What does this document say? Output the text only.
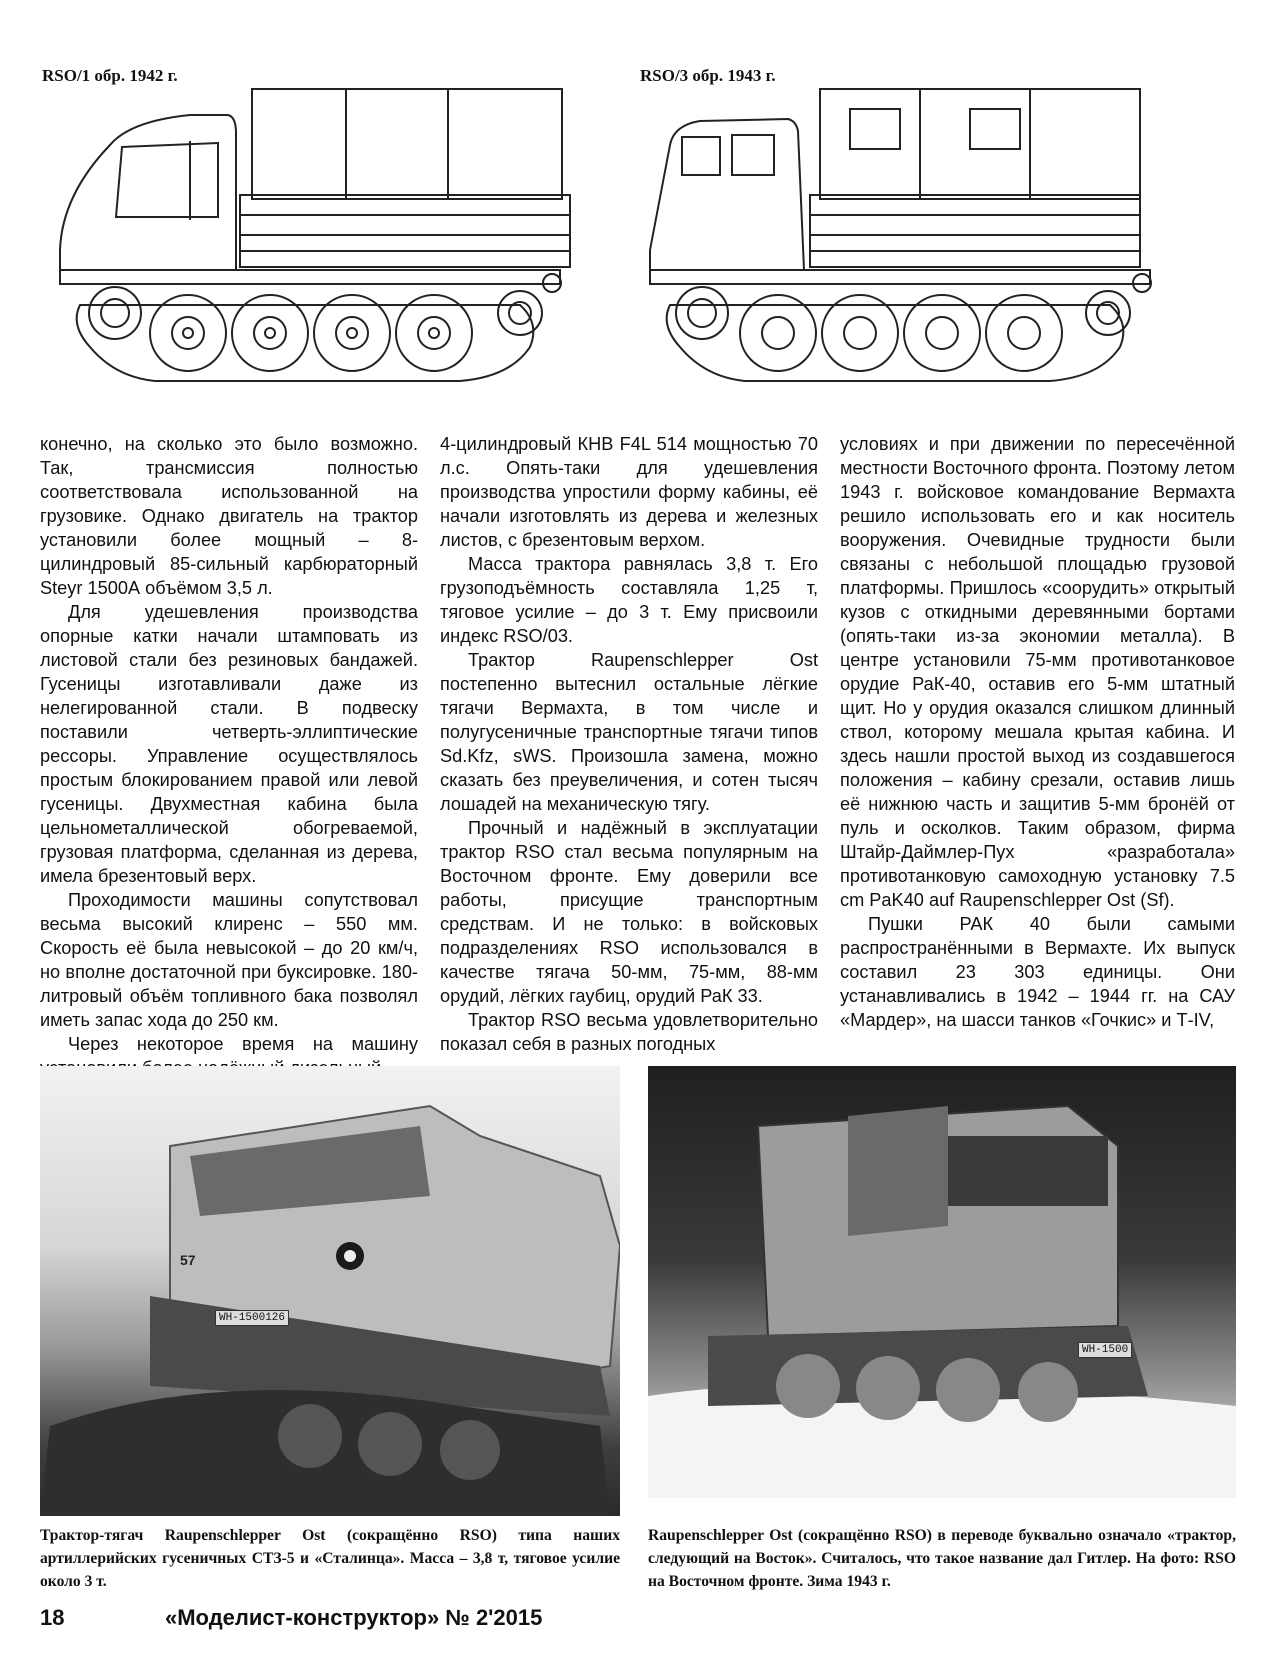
RSO/1 обр. 1942 г.	RSO/3 обр. 1943 г.

конечно, на сколько это было возможно. Так, трансмиссия полностью соответствовала использованной на грузовике. Однако двигатель на трактор установили более мощный – 8-цилиндровый 85-сильный карбюраторный Steyr 1500А объёмом 3,5 л.

Для удешевления производства опорные катки начали штамповать из листовой стали без резиновых бандажей. Гусеницы изготавливали даже из нелегированной стали. В подвеску поставили четверть-эллиптические рессоры. Управление осуществлялось простым блокированием правой или левой гусеницы. Двухместная кабина была цельнометаллической обогреваемой, грузовая платформа, сделанная из дерева, имела брезентовый верх.

Проходимости машины сопутствовал весьма высокий клиренс – 550 мм. Скорость её была невысокой – до 20 км/ч, но вполне достаточной при буксировке. 180-литровый объём топливного бака позволял иметь запас хода до 250 км.

Через некоторое время на машину

4-цилиндровый КНВ F4L 514 мощностью 70 л.с. Опять-таки для удешевления производства упростили форму кабины, её начали изготовлять из дерева и железных листов, с брезентовым верхом.

Масса трактора равнялась 3,8 т. Его грузоподъёмность составляла 1,25 т, тяговое усилие – до 3 т. Ему присвоили индекс RSO/03.

Трактор Raupenschlepper Ost постепенно вытеснил остальные лёгкие тягачи Вермахта, в том числе и полугусеничные транспортные тягачи типов Sd.Kfz, sWS. Произошла замена, можно сказать без преувеличения, и сотен тысяч лошадей на механическую тягу.

Прочный и надёжный в эксплуатации трактор RSO стал весьма популярным на Восточном фронте. Ему доверили все работы, присущие транспортным средствам. И не только: в войсковых подразделениях RSO использовался в качестве тягача 50-мм, 75-мм, 88-мм орудий, лёгких гаубиц, орудий РаК 33.

Трактор RSO весьма удовлетворительно показал себя в разных погодных

условиях и при движении по пересечённой местности Восточного фронта. Поэтому летом 1943 г. войсковое командование Вермахта решило использовать его и как носитель вооружения. Очевидные трудности были связаны с небольшой площадью грузовой платформы. Пришлось «соорудить» открытый кузов с откидными деревянными бортами (опять-таки из-за экономии металла). В центре установили 75-мм противотанковое орудие РаК-40, оставив его 5-мм штатный щит. Но у орудия оказался слишком длинный ствол, которому мешала крытая кабина. И здесь нашли простой выход из создавшегося положения – кабину срезали, оставив лишь её нижнюю часть и защитив 5-мм бронёй от пуль и осколков. Таким образом, фирма Штайр-Даймлер-Пух «разработала» противотанковую самоходную установку 7.5 cm PaK40 auf Raupenschlepper Ost (Sf).

Пушки РАК 40 были самыми распространёнными в Вермахте. Их выпуск составил 23 303 единицы. Они устанавливались в 1942 – 1944 гг. на САУ «Мардер», на шасси танков «Гочкис» и Т-IV,

WH-1500126
57
WH-1500
Трактор-тягач Raupenschlepper Ost (сокращённо RSO) типа наших артиллерийских гусеничных СТЗ-5 и «Сталинца». Масса – 3,8 т, тяговое усилие около 3 т.
Raupenschlepper Ost (сокращённо RSO) в переводе буквально означало «трактор, следующий на Восток». Считалось, что такое название дал Гитлер. На фото: RSO на Восточном фронте. Зима 1943 г.
18	«Моделист-конструктор» № 2'2015
